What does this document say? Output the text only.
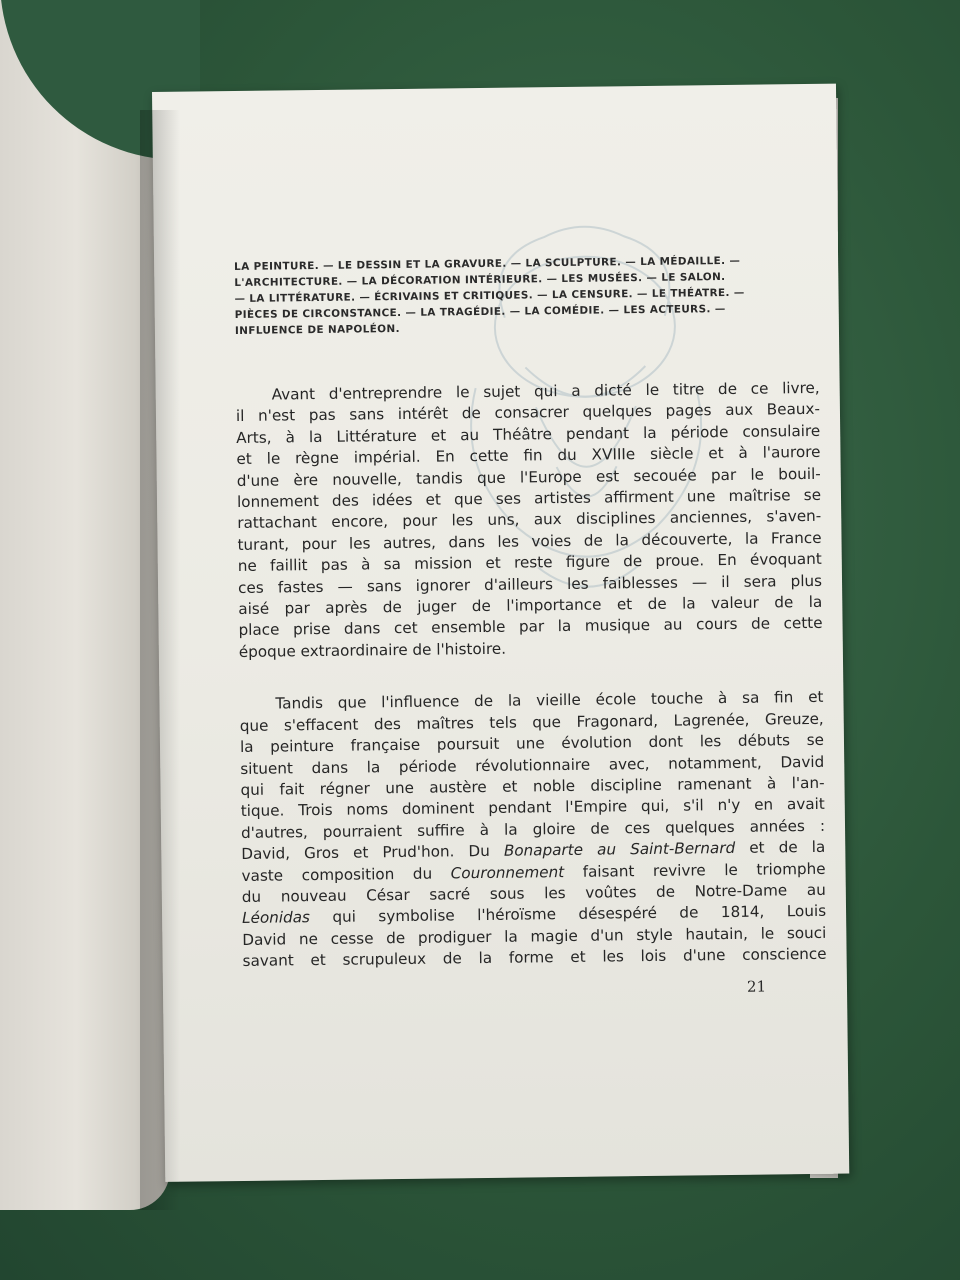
LA PEINTURE. — LE DESSIN ET LA GRAVURE. — LA SCULPTURE. — LA MÉDAILLE. —
L'ARCHITECTURE. — LA DÉCORATION INTÉRIEURE. — LES MUSÉES. — LE SALON.
— LA LITTÉRATURE. — ÉCRIVAINS ET CRITIQUES. — LA CENSURE. — LE THÉATRE. —
PIÈCES DE CIRCONSTANCE. — LA TRAGÉDIE. — LA COMÉDIE. — LES ACTEURS. —
INFLUENCE DE NAPOLÉON.
Avant d'entreprendre le sujet qui a dicté le titre de ce livre,
il n'est pas sans intérêt de consacrer quelques pages aux Beaux-
Arts, à la Littérature et au Théâtre pendant la période consulaire
et le règne impérial. En cette fin du XVIIIe siècle et à l'aurore
d'une ère nouvelle, tandis que l'Europe est secouée par le bouil-
lonnement des idées et que ses artistes affirment une maîtrise se
rattachant encore, pour les uns, aux disciplines anciennes, s'aven-
turant, pour les autres, dans les voies de la découverte, la France
ne faillit pas à sa mission et reste figure de proue. En évoquant
ces fastes — sans ignorer d'ailleurs les faiblesses — il sera plus
aisé par après de juger de l'importance et de la valeur de la
place prise dans cet ensemble par la musique au cours de cette
époque extraordinaire de l'histoire.
Tandis que l'influence de la vieille école touche à sa fin et
que s'effacent des maîtres tels que Fragonard, Lagrenée, Greuze,
la peinture française poursuit une évolution dont les débuts se
situent dans la période révolutionnaire avec, notamment, David
qui fait régner une austère et noble discipline ramenant à l'an-
tique. Trois noms dominent pendant l'Empire qui, s'il n'y en avait
d'autres, pourraient suffire à la gloire de ces quelques années :
David, Gros et Prud'hon. Du Bonaparte au Saint-Bernard et de la
vaste composition du Couronnement faisant revivre le triomphe
du nouveau César sacré sous les voûtes de Notre-Dame au
Léonidas qui symbolise l'héroïsme désespéré de 1814, Louis
David ne cesse de prodiguer la magie d'un style hautain, le souci
savant et scrupuleux de la forme et les lois d'une conscience
21
